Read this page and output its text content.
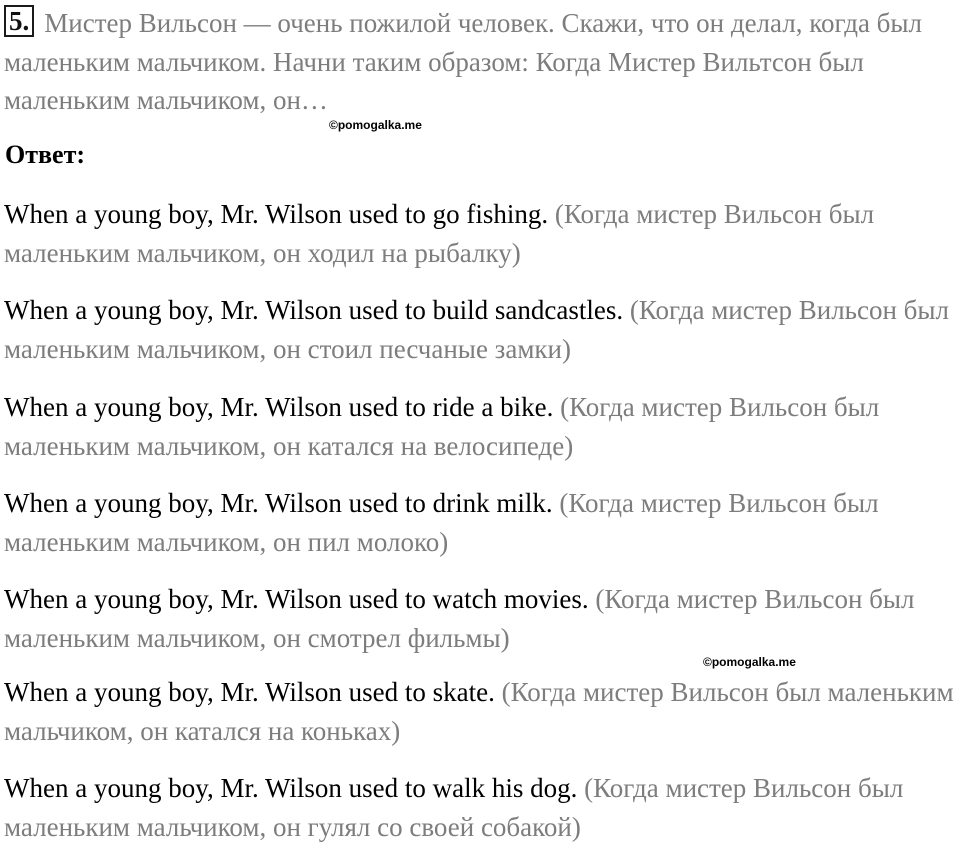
5. Мистер Вильсон — очень пожилой человек. Скажи, что он делал, когда был маленьким мальчиком. Начни таким образом: Когда Мистер Вильтсон был маленьким мальчиком, он…
©pomogalka.me
Ответ:
When a young boy, Mr. Wilson used to go fishing. (Когда мистер Вильсон был маленьким мальчиком, он ходил на рыбалку)
When a young boy, Mr. Wilson used to build sandcastles. (Когда мистер Вильсон был маленьким мальчиком, он стоил песчаные замки)
When a young boy, Mr. Wilson used to ride a bike. (Когда мистер Вильсон был маленьким мальчиком, он катался на велосипеде)
When a young boy, Mr. Wilson used to drink milk. (Когда мистер Вильсон был маленьким мальчиком, он пил молоко)
When a young boy, Mr. Wilson used to watch movies. (Когда мистер Вильсон был маленьким мальчиком, он смотрел фильмы)
©pomogalka.me
When a young boy, Mr. Wilson used to skate. (Когда мистер Вильсон был маленьким мальчиком, он катался на коньках)
When a young boy, Mr. Wilson used to walk his dog. (Когда мистер Вильсон был маленьким мальчиком, он гулял со своей собакой)
